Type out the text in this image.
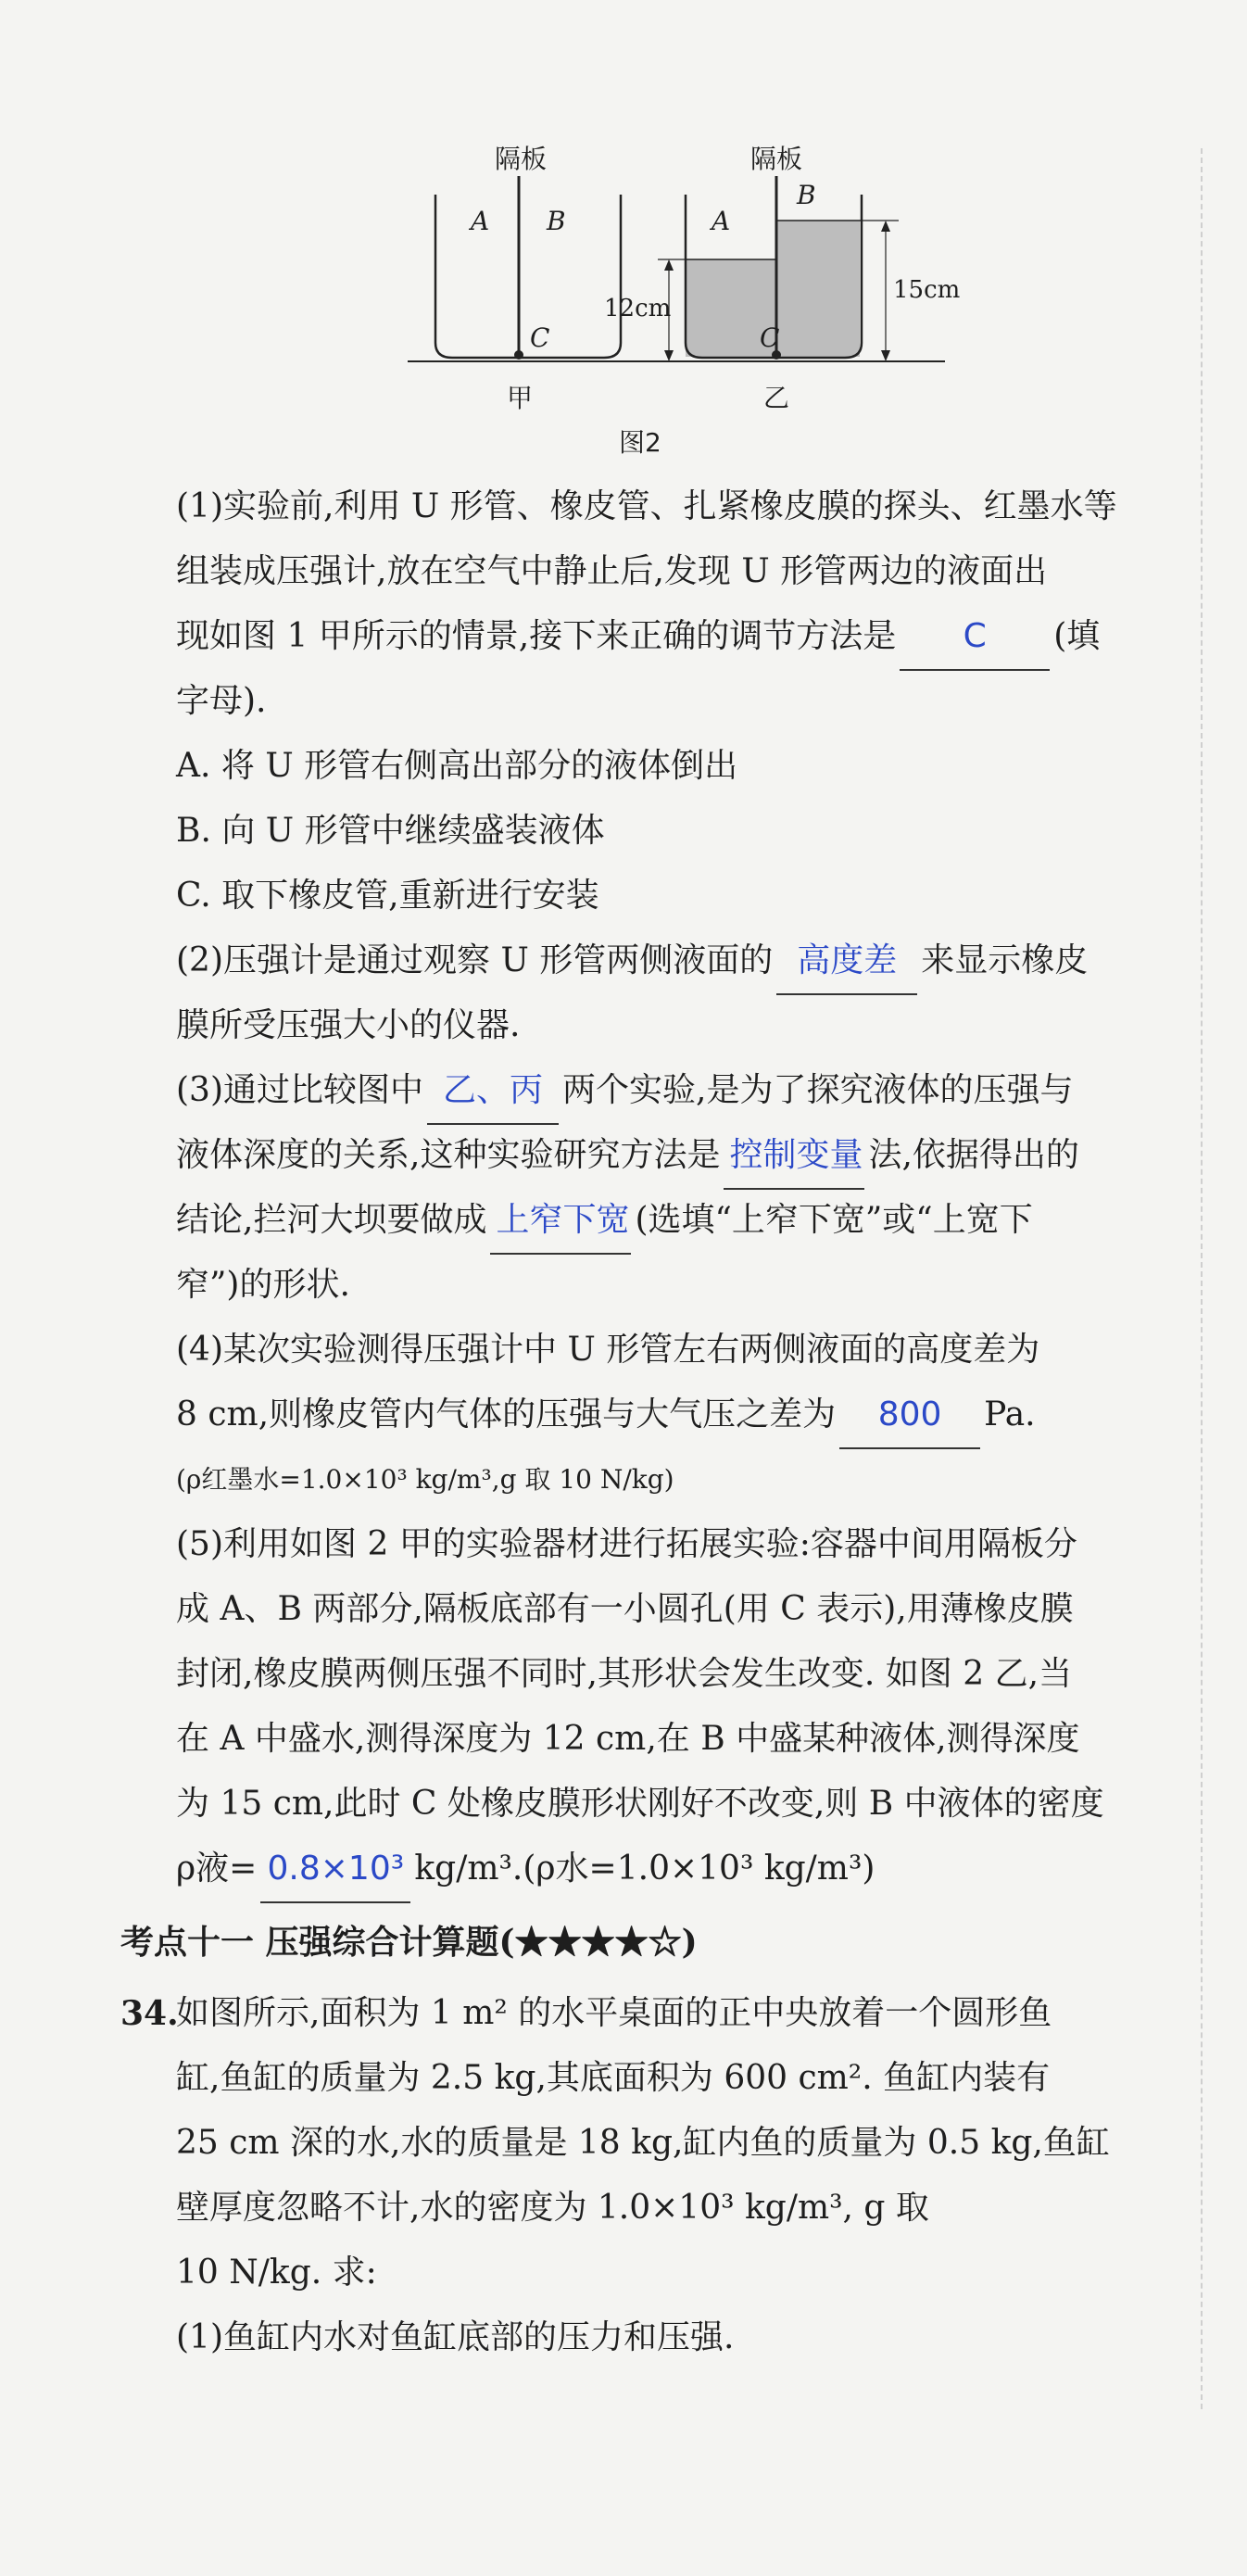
隔板	隔板
A B
C
A
B
C
12cm
15cm
甲	乙
图2
(1)实验前,利用 U 形管、橡皮管、扎紧橡皮膜的探头、红墨水等
组装成压强计,放在空气中静止后,发现 U 形管两边的液面出
现如图 1 甲所示的情景,接下来正确的调节方法是 C (填
字母).
A. 将 U 形管右侧高出部分的液体倒出
B. 向 U 形管中继续盛装液体
C. 取下橡皮管,重新进行安装
(2)压强计是通过观察 U 形管两侧液面的 高度差 来显示橡皮
膜所受压强大小的仪器.
(3)通过比较图中 乙、丙 两个实验,是为了探究液体的压强与
液体深度的关系,这种实验研究方法是 控制变量 法,依据得出的
结论,拦河大坝要做成 上窄下宽 (选填“上窄下宽”或“上宽下
窄”)的形状.
(4)某次实验测得压强计中 U 形管左右两侧液面的高度差为
8 cm,则橡皮管内气体的压强与大气压之差为 800 Pa.
(ρ红墨水=1.0×10³ kg/m³,g 取 10 N/kg)
(5)利用如图 2 甲的实验器材进行拓展实验:容器中间用隔板分
成 A、B 两部分,隔板底部有一小圆孔(用 C 表示),用薄橡皮膜
封闭,橡皮膜两侧压强不同时,其形状会发生改变. 如图 2 乙,当
在 A 中盛水,测得深度为 12 cm,在 B 中盛某种液体,测得深度
为 15 cm,此时 C 处橡皮膜形状刚好不改变,则 B 中液体的密度
ρ液= 0.8×10³ kg/m³.(ρ水=1.0×10³ kg/m³)
考点十一 压强综合计算题(★★★★☆)
34.
如图所示,面积为 1 m² 的水平桌面的正中央放着一个圆形鱼
缸,鱼缸的质量为 2.5 kg,其底面积为 600 cm². 鱼缸内装有
25 cm 深的水,水的质量是 18 kg,缸内鱼的质量为 0.5 kg,鱼缸
壁厚度忽略不计,水的密度为 1.0×10³ kg/m³, g 取
10 N/kg. 求:
(1)鱼缸内水对鱼缸底部的压力和压强.
